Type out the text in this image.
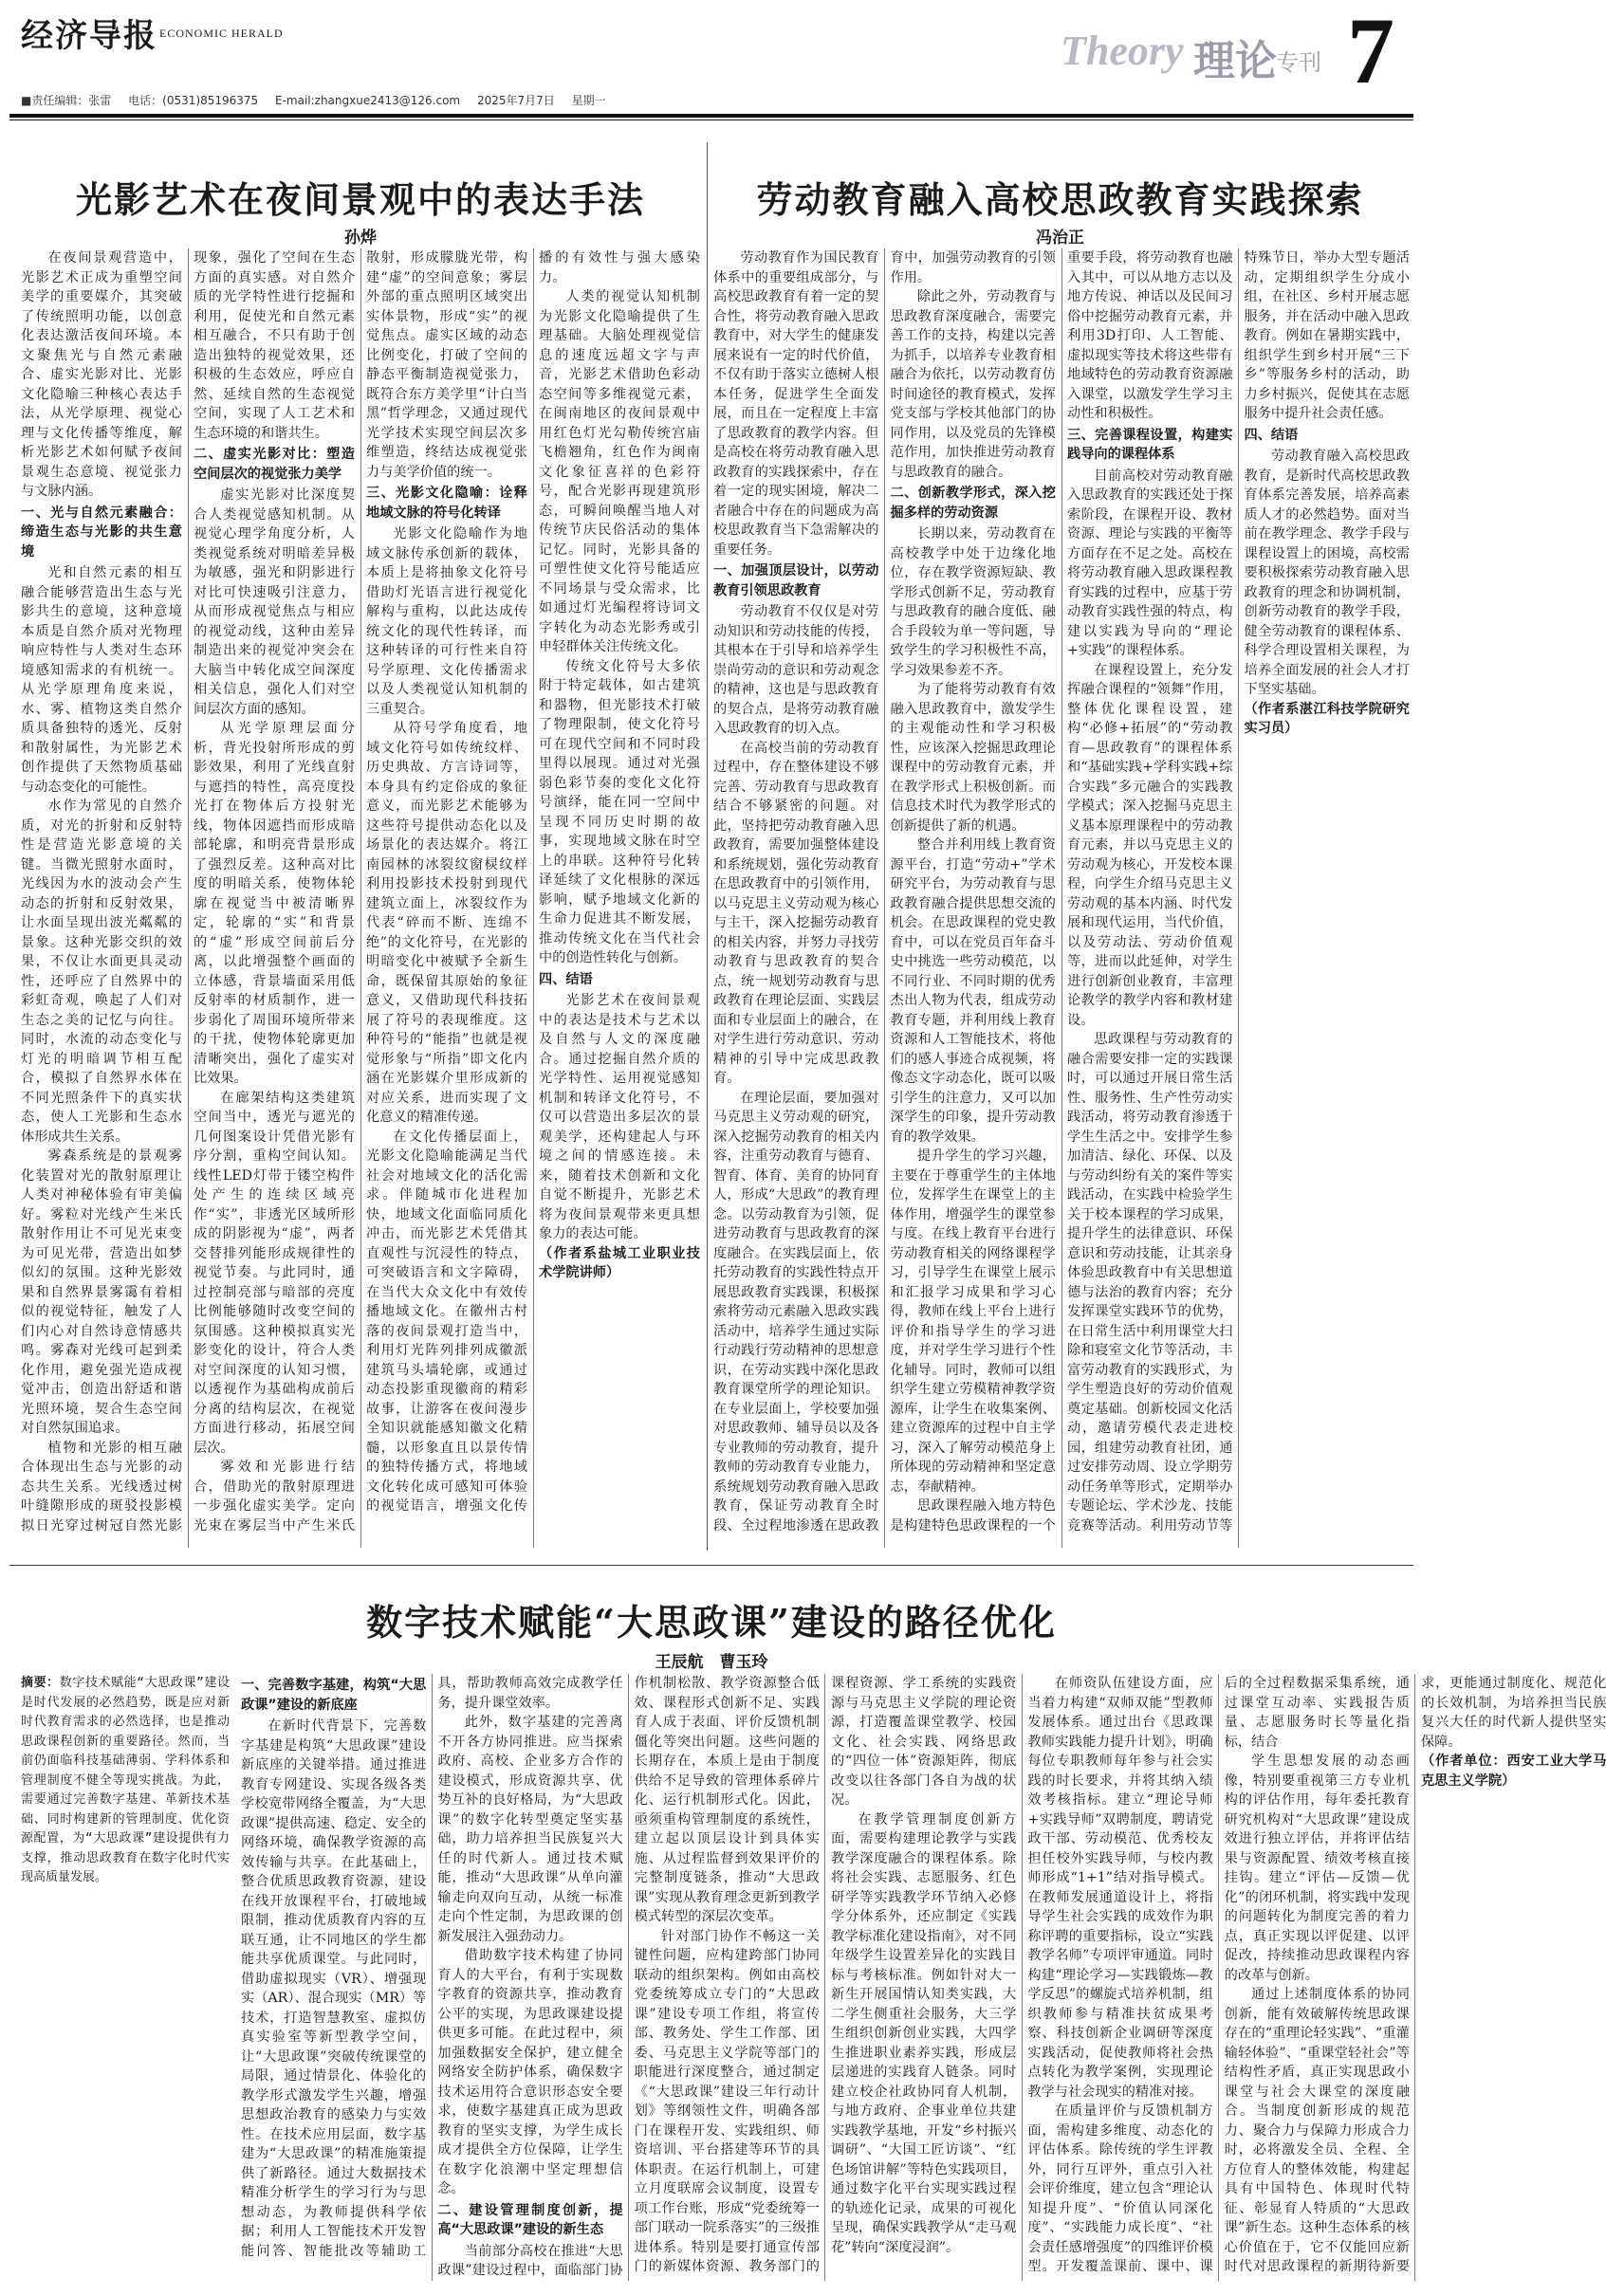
经济导报 ECONOMIC HERALD	Theory 理论 专刊 7
■责任编辑：张雷 电话：(0531)85196375 E-mail:zhangxue2413@126.com 2025年7月7日 星期一
光影艺术在夜间景观中的表达手法
孙烨

在夜间景观营造中，光影艺术正成为重塑空间美学的重要媒介，其突破了传统照明功能，以创意化表达激活夜间环境。本文聚焦光与自然元素融合、虚实光影对比、光影文化隐喻三种核心表达手法，从光学原理、视觉心理与文化传播等维度，解析光影艺术如何赋予夜间景观生态意境、视觉张力与文脉内涵。

一、光与自然元素融合：缔造生态与光影的共生意境

光和自然元素的相互融合能够营造出生态与光影共生的意境，这种意境本质是自然介质对光物理响应特性与人类对生态环境感知需求的有机统一。从光学原理角度来说，水、雾、植物这类自然介质具备独特的透光、反射和散射属性，为光影艺术创作提供了天然物质基础与动态变化的可能性。

水作为常见的自然介质，对光的折射和反射特性是营造光影意境的关键。当微光照射水面时，光线因为水的波动会产生动态的折射和反射效果，让水面呈现出波光粼粼的景象。这种光影交织的效果，不仅让水面更具灵动性，还呼应了自然界中的彩虹奇观，唤起了人们对生态之美的记忆与向往。同时，水流的动态变化与灯光的明暗调节相互配合，模拟了自然界水体在不同光照条件下的真实状态，使人工光影和生态水体形成共生关系。

雾森系统是的景观雾化装置对光的散射原理让人类对神秘体验有审美偏好。雾粒对光线产生米氏散射作用让不可见光束变为可见光带，营造出如梦似幻的氛围。这种光影效果和自然界景雾霭有着相似的视觉特征，触发了人们内心对自然诗意情感共鸣。雾森对光线可起到柔化作用，避免强光造成视觉冲击，创造出舒适和谐光照环境，契合生态空间对自然氛围追求。

植物和光影的相互融合体现出生态与光影的动态共生关系。光线透过树叶缝隙形成的斑驳投影模拟日光穿过树冠自然光影现象，强化了空间在生态方面的真实感。对自然介质的光学特性进行挖掘和利用，促使光和自然元素相互融合，不只有助于创造出独特的视觉效果，还积极的生态效应，呼应自然、延续自然的生态视觉空间，实现了人工艺术和生态环境的和谐共生。

二、虚实光影对比：塑造空间层次的视觉张力美学

虚实光影对比深度契合人类视觉感知机制。从视觉心理学角度分析，人类视觉系统对明暗差异极为敏感，强光和阴影进行对比可快速吸引注意力，从而形成视觉焦点与相应的视觉动线，这种由差异制造出来的视觉冲突会在大脑当中转化成空间深度相关信息，强化人们对空间层次方面的感知。

从光学原理层面分析，背光投射所形成的剪影效果，利用了光线直射与遮挡的特性，高亮度投光打在物体后方投射光线，物体因遮挡而形成暗部轮廓，和明亮背景形成了强烈反差。这种高对比度的明暗关系，使物体轮廓在视觉当中被清晰界定，轮廓的“实”和背景的“虚”形成空间前后分离，以此增强整个画面的立体感，背景墙面采用低反射率的材质制作，进一步弱化了周围环境所带来的干扰，使物体轮廓更加清晰突出，强化了虚实对比效果。

在廊架结构这类建筑空间当中，透光与遮光的几何图案设计凭借光影有序分割，重构空间认知。线性LED灯带于镂空构件处产生的连续区域亮作“实”，非透光区域所形成的阴影视为“虚”，两者交替排列能形成规律性的视觉节奏。与此同时，通过控制亮部与暗部的亮度比例能够随时改变空间的氛围感。这种模拟真实光影变化的设计，符合人类对空间深度的认知习惯，以透视作为基础构成前后分离的结构层次，在视觉方面进行移动，拓展空间层次。

雾效和光影进行结合，借助光的散射原理进一步强化虚实美学。定向光束在雾层当中产生米氏散射，形成朦胧光带，构建“虚”的空间意象；雾层外部的重点照明区域突出实体景物，形成“实”的视觉焦点。虚实区域的动态比例变化，打破了空间的静态平衡制造视觉张力，既符合东方美学里“计白当黑”哲学理念，又通过现代光学技术实现空间层次多维塑造，终结达成视觉张力与美学价值的统一。

三、光影文化隐喻：诠释地域文脉的符号化转译

光影文化隐喻作为地域文脉传承创新的载体，本质上是将抽象文化符号借助灯光语言进行视觉化解构与重构，以此达成传统文化的现代性转译，而这种转译的可行性来自符号学原理、文化传播需求以及人类视觉认知机制的三重契合。

从符号学角度看，地域文化符号如传统纹样、历史典故、方言诗词等，本身具有约定俗成的象征意义，而光影艺术能够为这些符号提供动态化以及场景化的表达媒介。将江南园林的冰裂纹窗棂纹样利用投影技术投射到现代建筑立面上，冰裂纹作为代表“碎而不断、连绵不绝”的文化符号，在光影的明暗变化中被赋予全新生命，既保留其原始的象征意义，又借助现代科技拓展了符号的表现维度。这种符号的“能指”也就是视觉形象与“所指”即文化内涵在光影媒介里形成新的对应关系，进而实现了文化意义的精准传递。

在文化传播层面上，光影文化隐喻能满足当代社会对地域文化的活化需求。伴随城市化进程加快，地域文化面临同质化冲击，而光影艺术凭借其直观性与沉浸性的特点，可突破语言和文字障碍，在当代大众文化中有效传播地域文化。在徽州古村落的夜间景观打造当中，利用灯光阵列排列成徽派建筑马头墙轮廓，或通过动态投影重现徽商的精彩故事，让游客在夜间漫步全知识就能感知徽文化精髓，以形象直且以景传情的独特传播方式，将地域文化转化成可感知可体验的视觉语言，增强文化传播的有效性与强大感染力。

人类的视觉认知机制为光影文化隐喻提供了生理基础。大脑处理视觉信息的速度远超文字与声音，光影艺术借助色彩动态空间等多维视觉元素，在闽南地区的夜间景观中用红色灯光勾勒传统宫庙飞檐翘角，红色作为闽南文化象征喜祥的色彩符号，配合光影再现建筑形态，可瞬间唤醒当地人对传统节庆民俗活动的集体记忆。同时，光影具备的可塑性使文化符号能适应不同场景与受众需求，比如通过灯光编程将诗词文字转化为动态光影秀或引申轻群体关注传统文化。

传统文化符号大多依附于特定载体，如古建筑和器物，但光影技术打破了物理限制，使文化符号可在现代空间和不同时段里得以展现。通过对光强弱色彩节奏的变化文化符号演绎，能在同一空间中呈现不同历史时期的故事，实现地域文脉在时空上的串联。这种符号化转译延续了文化根脉的深远影响，赋予地域文化新的生命力促进其不断发展，推动传统文化在当代社会中的创造性转化与创新。

四、结语

光影艺术在夜间景观中的表达是技术与艺术以及自然与人文的深度融合。通过挖掘自然介质的光学特性、运用视觉感知机制和转译文化符号，不仅可以营造出多层次的景观美学，还构建起人与环境之间的情感连接。未来，随着技术创新和文化自觉不断提升，光影艺术将为夜间景观带来更具想象力的表达可能。

（作者系盐城工业职业技术学院讲师）

劳动教育融入高校思政教育实践探索
冯治正

劳动教育作为国民教育体系中的重要组成部分，与高校思政教育有着一定的契合性，将劳动教育融入思政教育中，对大学生的健康发展来说有一定的时代价值，不仅有助于落实立德树人根本任务，促进学生全面发展，而且在一定程度上丰富了思政教育的教学内容。但是高校在将劳动教育融入思政教育的实践探索中，存在着一定的现实困境，解决二者融合中存在的问题成为高校思政教育当下急需解决的重要任务。

一、加强顶层设计，以劳动教育引领思政教育

劳动教育不仅仅是对劳动知识和劳动技能的传授，其根本在于引导和培养学生崇尚劳动的意识和劳动观念的精神，这也是与思政教育的契合点，是将劳动教育融入思政教育的切入点。

在高校当前的劳动教育过程中，存在整体建设不够完善、劳动教育与思政教育结合不够紧密的问题。对此，坚持把劳动教育融入思政教育，需要加强整体建设和系统规划，强化劳动教育在思政教育中的引领作用，以马克思主义劳动观为核心与主干，深入挖掘劳动教育的相关内容，并努力寻找劳动教育与思政教育的契合点，统一规划劳动教育与思政教育在理论层面、实践层面和专业层面上的融合，在对学生进行劳动意识、劳动精神的引导中完成思政教育。

在理论层面，要加强对马克思主义劳动观的研究，深入挖掘劳动教育的相关内容，注重劳动教育与德育、智育、体育、美育的协同育人，形成“大思政”的教育理念。以劳动教育为引领，促进劳动教育与思政教育的深度融合。在实践层面上，依托劳动教育的实践性特点开展思政教育实践课，积极探索将劳动元素融入思政实践活动中，培养学生通过实际行动践行劳动精神的思想意识，在劳动实践中深化思政教育课堂所学的理论知识。在专业层面上，学校要加强对思政教师、辅导员以及各专业教师的劳动教育，提升教师的劳动教育专业能力，系统规划劳动教育融入思政教育，保证劳动教育全时段、全过程地渗透在思政教育中，加强劳动教育的引领作用。

除此之外，劳动教育与思政教育深度融合，需要完善工作的支持，构建以完善为抓手，以培养专业教育相融合为依托，以劳动教育仿时间途径的教育模式，发挥党支部与学校其他部门的协同作用，以及党员的先锋模范作用，加快推进劳动教育与思政教育的融合。

二、创新教学形式，深入挖掘多样的劳动资源

长期以来，劳动教育在高校教学中处于边缘化地位，存在教学资源短缺、教学形式创新不足，劳动教育与思政教育的融合度低、融合手段较为单一等问题，导致学生的学习积极性不高，学习效果参差不齐。

为了能将劳动教育有效融入思政教育中，激发学生的主观能动性和学习积极性，应该深入挖掘思政理论课程中的劳动教育元素，并在教学形式上积极创新。而信息技术时代为教学形式的创新提供了新的机遇。

整合并利用线上教育资源平台，打造“劳动+”学术研究平台，为劳动教育与思政教育融合提供思想交流的机会。在思政课程的党史教育中，可以在党员百年奋斗史中挑选一些劳动模范，以不同行业、不同时期的优秀杰出人物为代表，组成劳动教育专题，并利用线上教育资源和人工智能技术，将他们的感人事迹合成视频，将像态文字动态化，既可以吸引学生的注意力，又可以加深学生的印象，提升劳动教育的教学效果。

提升学生的学习兴趣，主要在于尊重学生的主体地位，发挥学生在课堂上的主体作用，增强学生的课堂参与度。在线上教育平台进行劳动教育相关的网络课程学习，引导学生在课堂上展示和汇报学习成果和学习心得，教师在线上平台上进行评价和指导学生的学习进度，并对学生学习进行个性化辅导。同时，教师可以组织学生建立劳模精神教学资源库，让学生在收集案例、建立资源库的过程中自主学习，深入了解劳动模范身上所体现的劳动精神和坚定意志，奉献精神。

思政课程融入地方特色是构建特色思政课程的一个重要手段，将劳动教育也融入其中，可以从地方志以及地方传说、神话以及民间习俗中挖掘劳动教育元素，并利用3D打印、人工智能、虚拟现实等技术将这些带有地域特色的劳动教育资源融入课堂，以激发学生学习主动性和积极性。

三、完善课程设置，构建实践导向的课程体系

目前高校对劳动教育融入思政教育的实践还处于探索阶段，在课程开设、教材资源、理论与实践的平衡等方面存在不足之处。高校在将劳动教育融入思政课程教育实践的过程中，应基于劳动教育实践性强的特点，构建以实践为导向的“理论+实践”的课程体系。

在课程设置上，充分发挥融合课程的“领舞”作用，整体优化课程设置，建构“必修+拓展”的“劳动教育—思政教育”的课程体系和“基础实践+学科实践+综合实践”多元融合的实践教学模式；深入挖掘马克思主义基本原理课程中的劳动教育元素，并以马克思主义的劳动观为核心，开发校本课程，向学生介绍马克思主义劳动观的基本内涵、时代发展和现代运用，当代价值，以及劳动法、劳动价值观等，进而以此延伸，对学生进行创新创业教育，丰富理论教学的教学内容和教材建设。

思政课程与劳动教育的融合需要安排一定的实践课时，可以通过开展日常生活性、服务性、生产性劳动实践活动，将劳动教育渗透于学生生活之中。安排学生参加清洁、绿化、环保、以及与劳动纠纷有关的案件等实践活动，在实践中检验学生关于校本课程的学习成果，提升学生的法律意识、环保意识和劳动技能，让其亲身体验思政教育中有关思想道德与法治的教育内容；充分发挥课堂实践环节的优势，在日常生活中利用课堂大扫除和寝室文化节等活动，丰富劳动教育的实践形式，为学生塑造良好的劳动价值观奠定基础。创新校园文化活动，邀请劳模代表走进校园，组建劳动教育社团，通过安排劳动周、设立学期劳动任务单等形式，定期举办专题论坛、学术沙龙、技能竞赛等活动。利用劳动节等特殊节日，举办大型专题活动，定期组织学生分成小组，在社区、乡村开展志愿服务，并在活动中融入思政教育。例如在暑期实践中，组织学生到乡村开展“三下乡”等服务乡村的活动，助力乡村振兴，促使其在志愿服务中提升社会责任感。

四、结语

劳动教育融入高校思政教育，是新时代高校思政教育体系完善发展，培养高素质人才的必然趋势。面对当前在教学理念、教学手段与课程设置上的困境，高校需要积极探索劳动教育融入思政教育的理念和协调机制，创新劳动教育的教学手段，健全劳动教育的课程体系、科学合理设置相关课程，为培养全面发展的社会人才打下坚实基础。

（作者系湛江科技学院研究实习员）

数字技术赋能“大思政课”建设的路径优化
王辰航　曹玉玲
摘要：数字技术赋能“大思政课”建设是时代发展的必然趋势，既是应对新时代教育需求的必然选择，也是推动思政课程创新的重要路径。然而，当前仍面临科技基础薄弱、学科体系和管理制度不健全等现实挑战。为此，需要通过完善数字基建、革新技术基础、同时构建新的管理制度、优化资源配置，为“大思政课”建设提供有力支撑，推动思政教育在数字化时代实现高质量发展。
一、完善数字基建，构筑“大思政课”建设的新底座

在新时代背景下，完善数字基建是构筑“大思政课”建设新底座的关键举措。通过推进教育专网建设、实现各级各类学校宽带网络全覆盖，为“大思政课”提供高速、稳定、安全的网络环境，确保教学资源的高效传输与共享。在此基础上，整合优质思政教育资源，建设在线开放课程平台，打破地域限制，推动优质教育内容的互联互通，让不同地区的学生都能共享优质课堂。与此同时，借助虚拟现实（VR）、增强现实（AR）、混合现实（MR）等技术，打造智慧教室、虚拟仿真实验室等新型教学空间，让“大思政课”突破传统课堂的局限，通过情景化、体验化的教学形式激发学生兴趣，增强思想政治教育的感染力与实效性。在技术应用层面，数字基建为“大思政课”的精准施策提供了新路径。通过大数据技术精准分析学生的学习行为与思想动态，为教师提供科学依据；利用人工智能技术开发智能问答、智能批改等辅助工具，帮助教师高效完成教学任务，提升课堂效率。

此外，数字基建的完善离不开各方协同推进。应当探索政府、高校、企业多方合作的建设模式，形成资源共享、优势互补的良好格局，为“大思政课”的数字化转型奠定坚实基础，助力培养担当民族复兴大任的时代新人。通过技术赋能，推动“大思政课”从单向灌输走向双向互动，从统一标准走向个性定制，为思政课的创新发展注入强劲动力。

借助数字技术构建了协同育人的大平台，有利于实现数字教育的资源共享，推动教育公平的实现，为思政课建设提供更多可能。在此过程中，须加强数据安全保护，建立健全网络安全防护体系，确保数字技术运用符合意识形态安全要求，使数字基建真正成为思政教育的坚实支撑，为学生成长成才提供全方位保障，让学生在数字化浪潮中坚定理想信念。

二、建设管理制度创新，提高“大思政课”建设的新生态

当前部分高校在推进“大思政课”建设过程中，面临部门协作机制松散、教学资源整合低效、课程形式创新不足、实践育人成于表面、评价反馈机制僵化等突出问题。这些问题的长期存在，本质上是由于制度供给不足导致的管理体系碎片化、运行机制形式化。因此，亟须重构管理制度的系统性，建立起以顶层设计到具体实施、从过程监督到效果评价的完整制度链条，推动“大思政课”实现从教育理念更新到教学模式转型的深层次变革。

针对部门协作不畅这一关键性问题，应构建跨部门协同联动的组织架构。例如由高校党委统筹成立专门的“大思政课”建设专项工作组，将宣传部、教务处、学生工作部、团委、马克思主义学院等部门的职能进行深度整合，通过制定《“大思政课”建设三年行动计划》等纲领性文件，明确各部门在课程开发、实践组织、师资培训、平台搭建等环节的具体职责。在运行机制上，可建立月度联席会议制度，设置专项工作台账，形成“党委统筹一部门联动一院系落实”的三级推进体系。特别是要打通宣传部门的新媒体资源、教务部门的课程资源、学工系统的实践资源与马克思主义学院的理论资源，打造覆盖课堂教学、校园文化、社会实践、网络思政的“四位一体”资源矩阵，彻底改变以往各部门各自为战的状况。

在教学管理制度创新方面，需要构建理论教学与实践教学深度融合的课程体系。除将社会实践、志愿服务、红色研学等实践教学环节纳入必修学分体系外，还应制定《实践教学标准化建设指南》，对不同年级学生设置差异化的实践目标与考核标准。例如针对大一新生开展国情认知类实践，大二学生侧重社会服务，大三学生组织创新创业实践，大四学生推进职业素养实践，形成层层递进的实践育人链条。同时建立校企社政协同育人机制，与地方政府、企事业单位共建实践教学基地，开发“乡村振兴调研”、“大国工匠访谈”、“红色场馆讲解”等特色实践项目，通过数字化平台实现实践过程的轨迹化记录，成果的可视化呈现，确保实践教学从“走马观花”转向“深度浸润”。

在师资队伍建设方面，应当着力构建“双师双能”型教师发展体系。通过出台《思政课教师实践能力提升计划》，明确每位专职教师每年参与社会实践的时长要求，并将其纳入绩效考核指标。建立“理论导师+实践导师”双聘制度，聘请党政干部、劳动模范、优秀校友担任校外实践导师，与校内教师形成“1+1”结对指导模式。在教师发展通道设计上，将指导学生社会实践的成效作为职称评聘的重要指标，设立“实践教学名师”专项评审通道。同时构建“理论学习—实践锻炼—教学反思”的螺旋式培养机制，组织教师参与精准扶贫成果考察、科技创新企业调研等深度实践活动，促使教师将社会热点转化为教学案例，实现理论教学与社会现实的精准对接。

在质量评价与反馈机制方面，需构建多维度、动态化的评估体系。除传统的学生评教外，同行互评外，重点引入社会评价维度，建立包含“理论认知提升度”、“价值认同深化度”、“实践能力成长度”、“社会责任感增强度”的四维评价模型。开发覆盖课前、课中、课后的全过程数据采集系统，通过课堂互动率、实践报告质量、志愿服务时长等量化指标，结合

学生思想发展的动态画像，特别要重视第三方专业机构的评估作用，每年委托教育研究机构对“大思政课”建设成效进行独立评估，并将评估结果与资源配置、绩效考核直接挂钩。建立“评估—反馈—优化”的闭环机制，将实践中发现的问题转化为制度完善的着力点，真正实现以评促建、以评促改，持续推动思政课程内容的改革与创新。

通过上述制度体系的协同创新，能有效破解传统思政课存在的“重理论轻实践”、“重灌输轻体验”、“重课堂轻社会”等结构性矛盾，真正实现思政小课堂与社会大课堂的深度融合。当制度创新形成的规范力、聚合力与保障力形成合力时，必将激发全员、全程、全方位育人的整体效能，构建起具有中国特色、体现时代特征、彰显育人特质的“大思政课”新生态。这种生态体系的核心价值在于，它不仅能回应新时代对思政课程的新期待新要求，更能通过制度化、规范化的长效机制，为培养担当民族复兴大任的时代新人提供坚实保障。

（作者单位：西安工业大学马克思主义学院）
